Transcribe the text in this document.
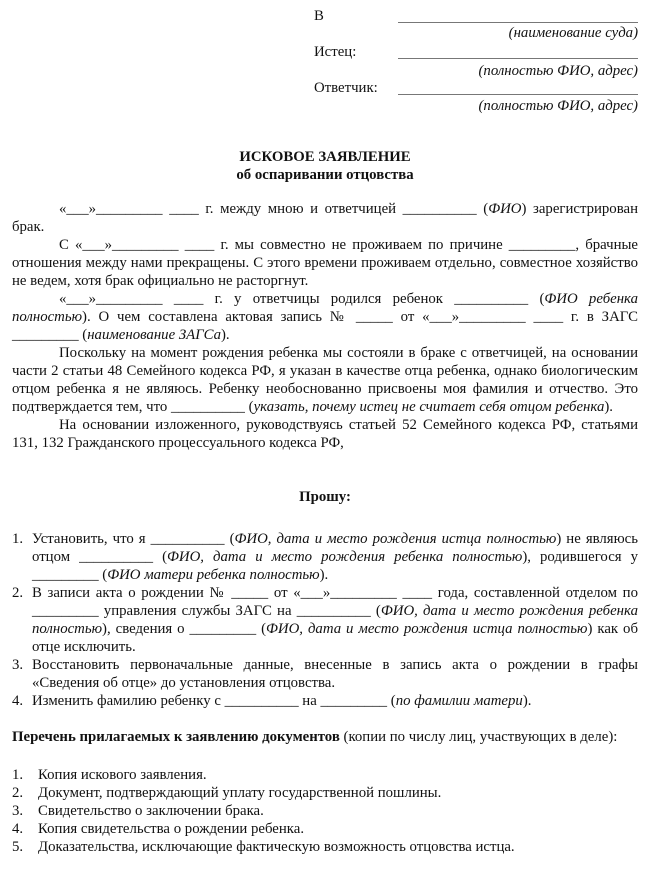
В
(наименование суда)
Истец:
(полностью ФИО, адрес)
Ответчик:
(полностью ФИО, адрес)
ИСКОВОЕ ЗАЯВЛЕНИЕ
об оспаривании отцовства

«___»_________ ____ г. между мною и ответчицей __________ (ФИО) зарегистрирован брак.

С «___»_________ ____ г. мы совместно не проживаем по причине _________, брачные отношения между нами прекращены. С этого времени проживаем отдельно, совместное хозяйство не ведем, хотя брак официально не расторгнут.

«___»_________ ____ г. у ответчицы родился ребенок __________ (ФИО ребенка полностью). О чем составлена актовая запись № _____ от «___»_________ ____ г. в ЗАГС _________ (наименование ЗАГСа).

Поскольку на момент рождения ребенка мы состояли в браке с ответчицей, на основании части 2 статьи 48 Семейного кодекса РФ, я указан в качестве отца ребенка, однако биологическим отцом ребенка я не являюсь. Ребенку необоснованно присвоены моя фамилия и отчество. Это подтверждается тем, что __________ (указать, почему истец не считает себя отцом ребенка).

На основании изложенного, руководствуясь статьей 52 Семейного кодекса РФ, статьями 131, 132 Гражданского процессуального кодекса РФ,

Прошу:

1. Установить, что я __________ (ФИО, дата и место рождения истца полностью) не являюсь отцом __________ (ФИО, дата и место рождения ребенка полностью), родившегося у _________ (ФИО матери ребенка полностью).
2. В записи акта о рождении № _____ от «___»_________ ____ года, составленной отделом по _________ управления службы ЗАГС на __________ (ФИО, дата и место рождения ребенка полностью), сведения о _________ (ФИО, дата и место рождения истца полностью) как об отце исключить.
3. Восстановить первоначальные данные, внесенные в запись акта о рождении в графы «Сведения об отце» до установления отцовства.
4. Изменить фамилию ребенку с __________ на _________ (по фамилии матери).

Перечень прилагаемых к заявлению документов (копии по числу лиц, участвующих в деле):

1. Копия искового заявления.
2. Документ, подтверждающий уплату государственной пошлины.
3. Свидетельство о заключении брака.
4. Копия свидетельства о рождении ребенка.
5. Доказательства, исключающие фактическую возможность отцовства истца.
